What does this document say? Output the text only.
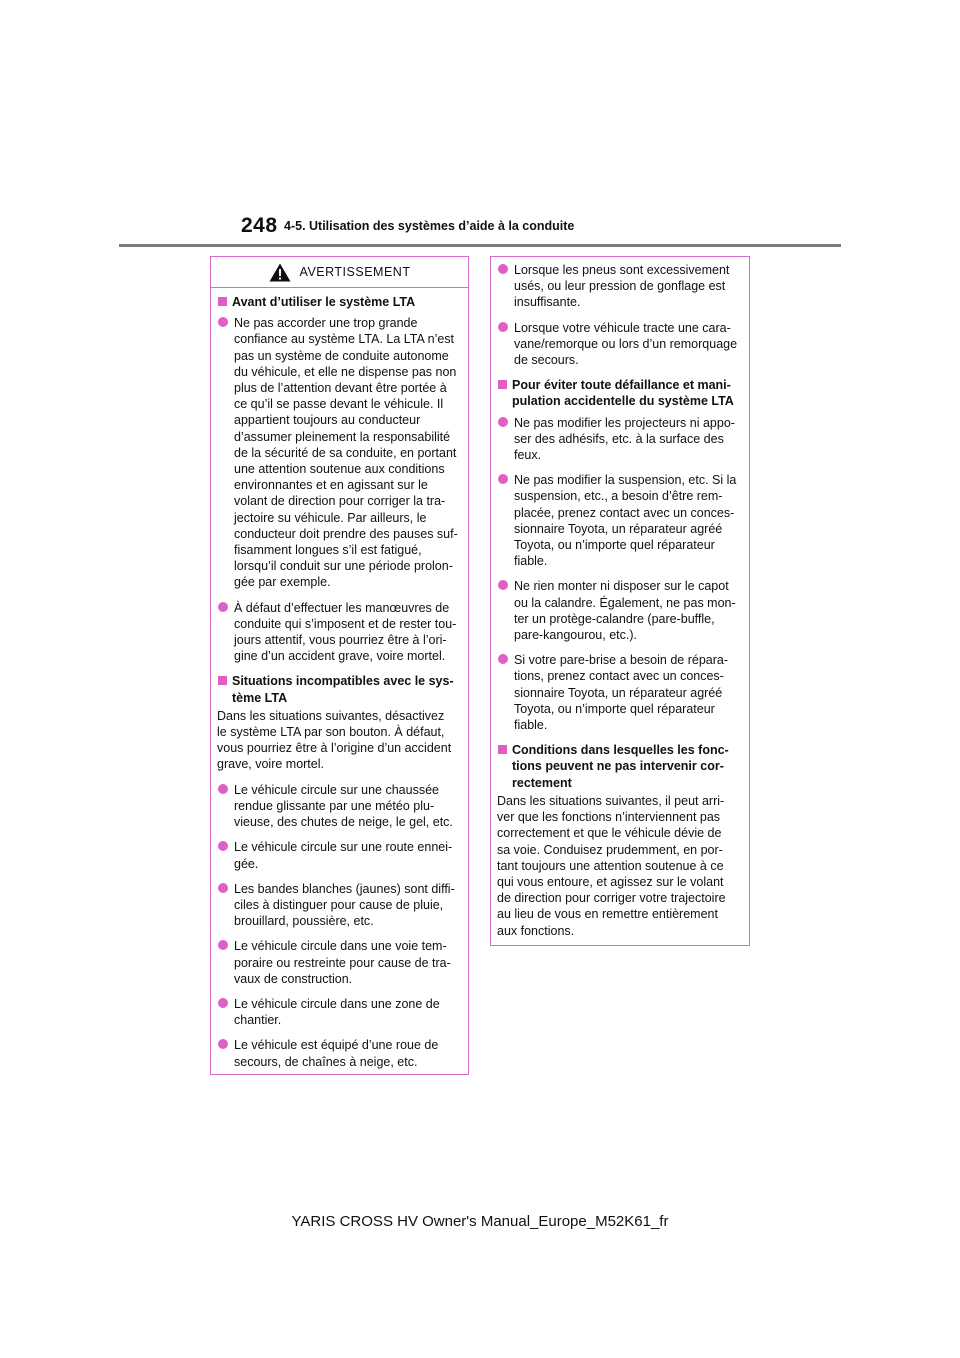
248 4-5. Utilisation des systèmes d’aide à la conduite
AVERTISSEMENT
Avant d’utiliser le système LTA
Ne pas accorder une trop grande
confiance au système LTA. La LTA n’est
pas un système de conduite autonome
du véhicule, et elle ne dispense pas non
plus de l’attention devant être portée à
ce qu’il se passe devant le véhicule. Il
appartient toujours au conducteur
d’assumer pleinement la responsabilité
de la sécurité de sa conduite, en portant
une attention soutenue aux conditions
environnantes et en agissant sur le
volant de direction pour corriger la tra-
jectoire su véhicule. Par ailleurs, le
conducteur doit prendre des pauses suf-
fisamment longues s’il est fatigué,
lorsqu’il conduit sur une période prolon-
gée par exemple.
À défaut d’effectuer les manœuvres de
conduite qui s’imposent et de rester tou-
jours attentif, vous pourriez être à l’ori-
gine d’un accident grave, voire mortel.
Situations incompatibles avec le sys-
tème LTA
Dans les situations suivantes, désactivez
le système LTA par son bouton. À défaut,
vous pourriez être à l’origine d’un accident
grave, voire mortel.
Le véhicule circule sur une chaussée
rendue glissante par une météo plu-
vieuse, des chutes de neige, le gel, etc.
Le véhicule circule sur une route ennei-
gée.
Les bandes blanches (jaunes) sont diffi-
ciles à distinguer pour cause de pluie,
brouillard, poussière, etc.
Le véhicule circule dans une voie tem-
poraire ou restreinte pour cause de tra-
vaux de construction.
Le véhicule circule dans une zone de
chantier.
Le véhicule est équipé d’une roue de
secours, de chaînes à neige, etc.
Lorsque les pneus sont excessivement
usés, ou leur pression de gonflage est
insuffisante.
Lorsque votre véhicule tracte une cara-
vane/remorque ou lors d’un remorquage
de secours.
Pour éviter toute défaillance et mani-
pulation accidentelle du système LTA
Ne pas modifier les projecteurs ni appo-
ser des adhésifs, etc. à la surface des
feux.
Ne pas modifier la suspension, etc. Si la
suspension, etc., a besoin d’être rem-
placée, prenez contact avec un conces-
sionnaire Toyota, un réparateur agréé
Toyota, ou n’importe quel réparateur
fiable.
Ne rien monter ni disposer sur le capot
ou la calandre. Également, ne pas mon-
ter un protège-calandre (pare-buffle,
pare-kangourou, etc.).
Si votre pare-brise a besoin de répara-
tions, prenez contact avec un conces-
sionnaire Toyota, un réparateur agréé
Toyota, ou n’importe quel réparateur
fiable.
Conditions dans lesquelles les fonc-
tions peuvent ne pas intervenir cor-
rectement
Dans les situations suivantes, il peut arri-
ver que les fonctions n’interviennent pas
correctement et que le véhicule dévie de
sa voie. Conduisez prudemment, en por-
tant toujours une attention soutenue à ce
qui vous entoure, et agissez sur le volant
de direction pour corriger votre trajectoire
au lieu de vous en remettre entièrement
aux fonctions.
YARIS CROSS HV Owner's Manual_Europe_M52K61_fr
